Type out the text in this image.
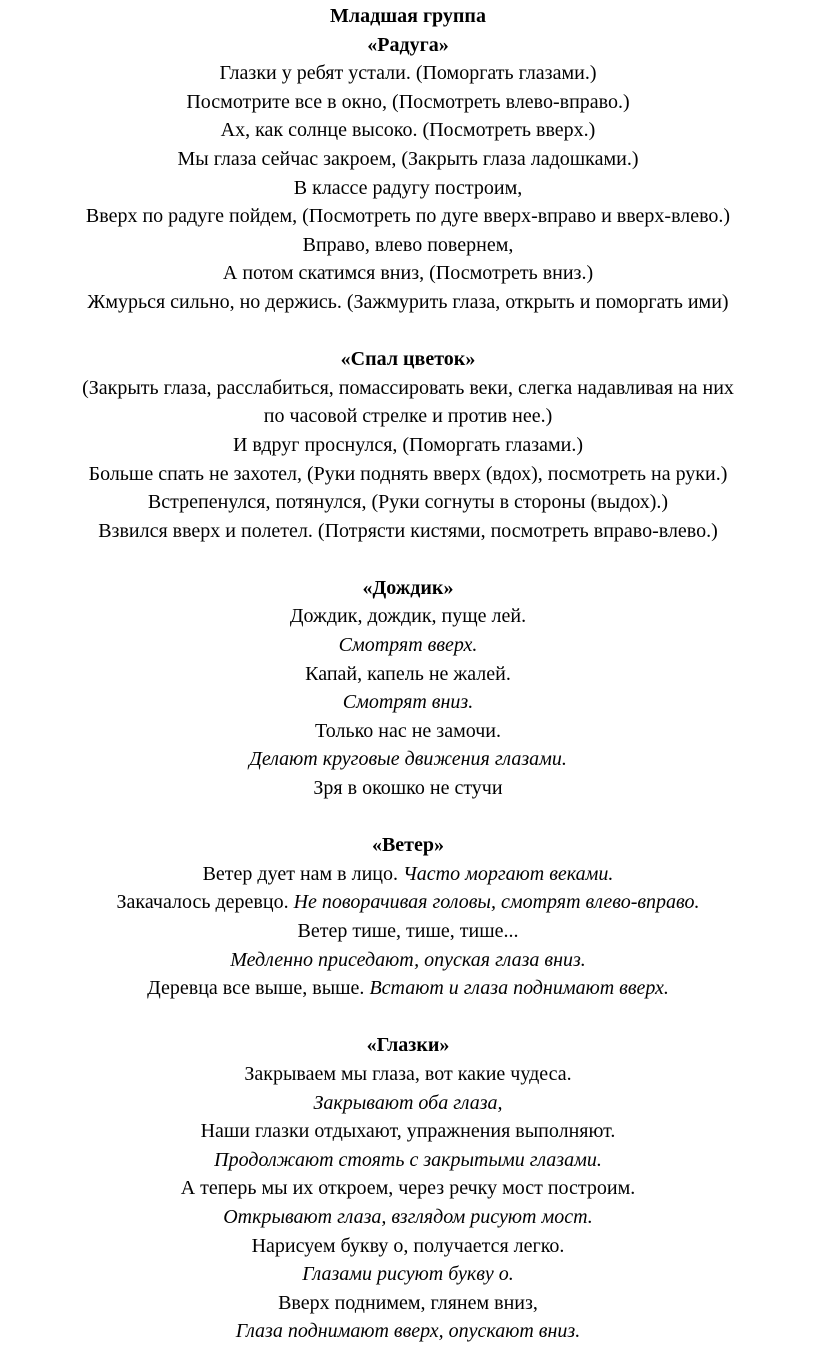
Младшая группа
«Радуга»
Глазки у ребят устали. (Поморгать глазами.)
Посмотрите все в окно, (Посмотреть влево-вправо.)
Ах, как солнце высоко. (Посмотреть вверх.)
Мы глаза сейчас закроем, (Закрыть глаза ладошками.)
В классе радугу построим,
Вверх по радуге пойдем, (Посмотреть по дуге вверх-вправо и вверх-влево.)
Вправо, влево повернем,
А потом скатимся вниз, (Посмотреть вниз.)
Жмурься сильно, но держись. (Зажмурить глаза, открыть и поморгать ими)
«Спал цветок»
(Закрыть глаза, расслабиться, помассировать веки, слегка надавливая на них
по часовой стрелке и против нее.)
И вдруг проснулся, (Поморгать глазами.)
Больше спать не захотел, (Руки поднять вверх (вдох), посмотреть на руки.)
Встрепенулся, потянулся, (Руки согнуты в стороны (выдох).)
Взвился вверх и полетел. (Потрясти кистями, посмотреть вправо-влево.)
«Дождик»
Дождик, дождик, пуще лей.
Смотрят вверх.
Капай, капель не жалей.
Смотрят вниз.
Только нас не замочи.
Делают круговые движения глазами.
Зря в окошко не стучи
«Ветер»
Ветер дует нам в лицо. Часто моргают веками.
Закачалось деревцо. Не поворачивая головы, смотрят влево-вправо.
Ветер тише, тише, тише...
Медленно приседают, опуская глаза вниз.
Деревца все выше, выше. Встают и глаза поднимают вверх.
«Глазки»
Закрываем мы глаза, вот какие чудеса.
Закрывают оба глаза,
Наши глазки отдыхают, упражнения выполняют.
Продолжают стоять с закрытыми глазами.
А теперь мы их откроем, через речку мост построим.
Открывают глаза, взглядом рисуют мост.
Нарисуем букву о, получается легко.
Глазами рисуют букву о.
Вверх поднимем, глянем вниз,
Глаза поднимают вверх, опускают вниз.
